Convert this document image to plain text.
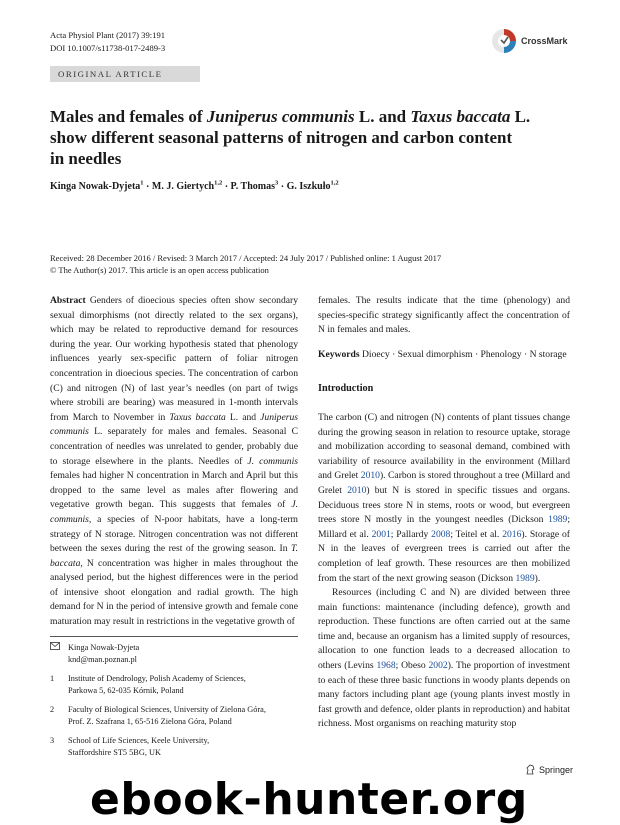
Acta Physiol Plant (2017) 39:191
DOI 10.1007/s11738-017-2489-3
CrossMark
ORIGINAL ARTICLE
Males and females of Juniperus communis L. and Taxus baccata L.
show different seasonal patterns of nitrogen and carbon content
in needles
Kinga Nowak-Dyjeta$^1$ · M. J. Giertych$^{1,2}$ · P. Thomas$^3$ · G. Iszkuło$^{1,2}$
Received: 28 December 2016 / Revised: 3 March 2017 / Accepted: 24 July 2017 / Published online: 1 August 2017
© The Author(s) 2017. This article is an open access publication

Abstract Genders of dioecious species often show secondary sexual dimorphisms (not directly related to the sex organs), which may be related to reproductive demand for resources during the year. Our working hypothesis stated that phenology influences yearly sex-specific pattern of foliar nitrogen concentration in dioecious species. The concentration of carbon (C) and nitrogen (N) of last year’s needles (on part of twigs where strobili are bearing) was measured in 1-month intervals from March to November in Taxus baccata L. and Juniperus communis L. separately for males and females. Seasonal C concentration of needles was unrelated to gender, probably due to storage elsewhere in the plants. Needles of J. communis females had higher N concentration in March and April but this dropped to the same level as males after flowering and vegetative growth began. This suggests that females of J. communis, a species of N-poor habitats, have a long-term strategy of N storage. Nitrogen concentration was not different between the sexes during the rest of the growing season. In T. baccata, N concentration was higher in males throughout the analysed period, but the highest differences were in the period of intensive shoot elongation and radial growth. The high demand for N in the period of intensive growth and female cone maturation may result in restrictions in the vegetative growth of

females. The results indicate that the time (phenology) and species-specific strategy significantly affect the concentration of N in females and males.

Keywords Dioecy · Sexual dimorphism · Phenology · N storage

Introduction

The carbon (C) and nitrogen (N) contents of plant tissues change during the growing season in relation to resource uptake, storage and mobilization according to seasonal demand, combined with variability of resource availability in the environment (Millard and Grelet 2010). Carbon is stored throughout a tree (Millard and Grelet 2010) but N is stored in specific tissues and organs. Deciduous trees store N in stems, roots or wood, but evergreen trees store N mostly in the youngest needles (Dickson 1989; Millard et al. 2001; Pallardy 2008; Teitel et al. 2016). Storage of N in the leaves of evergreen trees is carried out after the completion of leaf growth. These resources are then mobilized from the start of the next growing season (Dickson 1989).

Resources (including C and N) are divided between three main functions: maintenance (including defence), growth and reproduction. These functions are often carried out at the same time and, because an organism has a limited supply of resources, allocation to one function leads to a decreased allocation to others (Levins 1968; Obeso 2002). The proportion of investment to each of these three basic functions in woody plants depends on many factors including plant age (young plants invest mostly in fast growth and defence, older plants in reproduction) and habitat richness. Most organisms on reaching maturity stop

Kinga Nowak-Dyjeta
knd@man.poznan.pl
1	Institute of Dendrology, Polish Academy of Sciences,
Parkowa 5, 62-035 Kórnik, Poland
2	Faculty of Biological Sciences, University of Zielona Góra,
Prof. Z. Szafrana 1, 65-516 Zielona Góra, Poland
3	School of Life Sciences, Keele University,
Staffordshire ST5 5BG, UK
Springer
ebook-hunter.org
